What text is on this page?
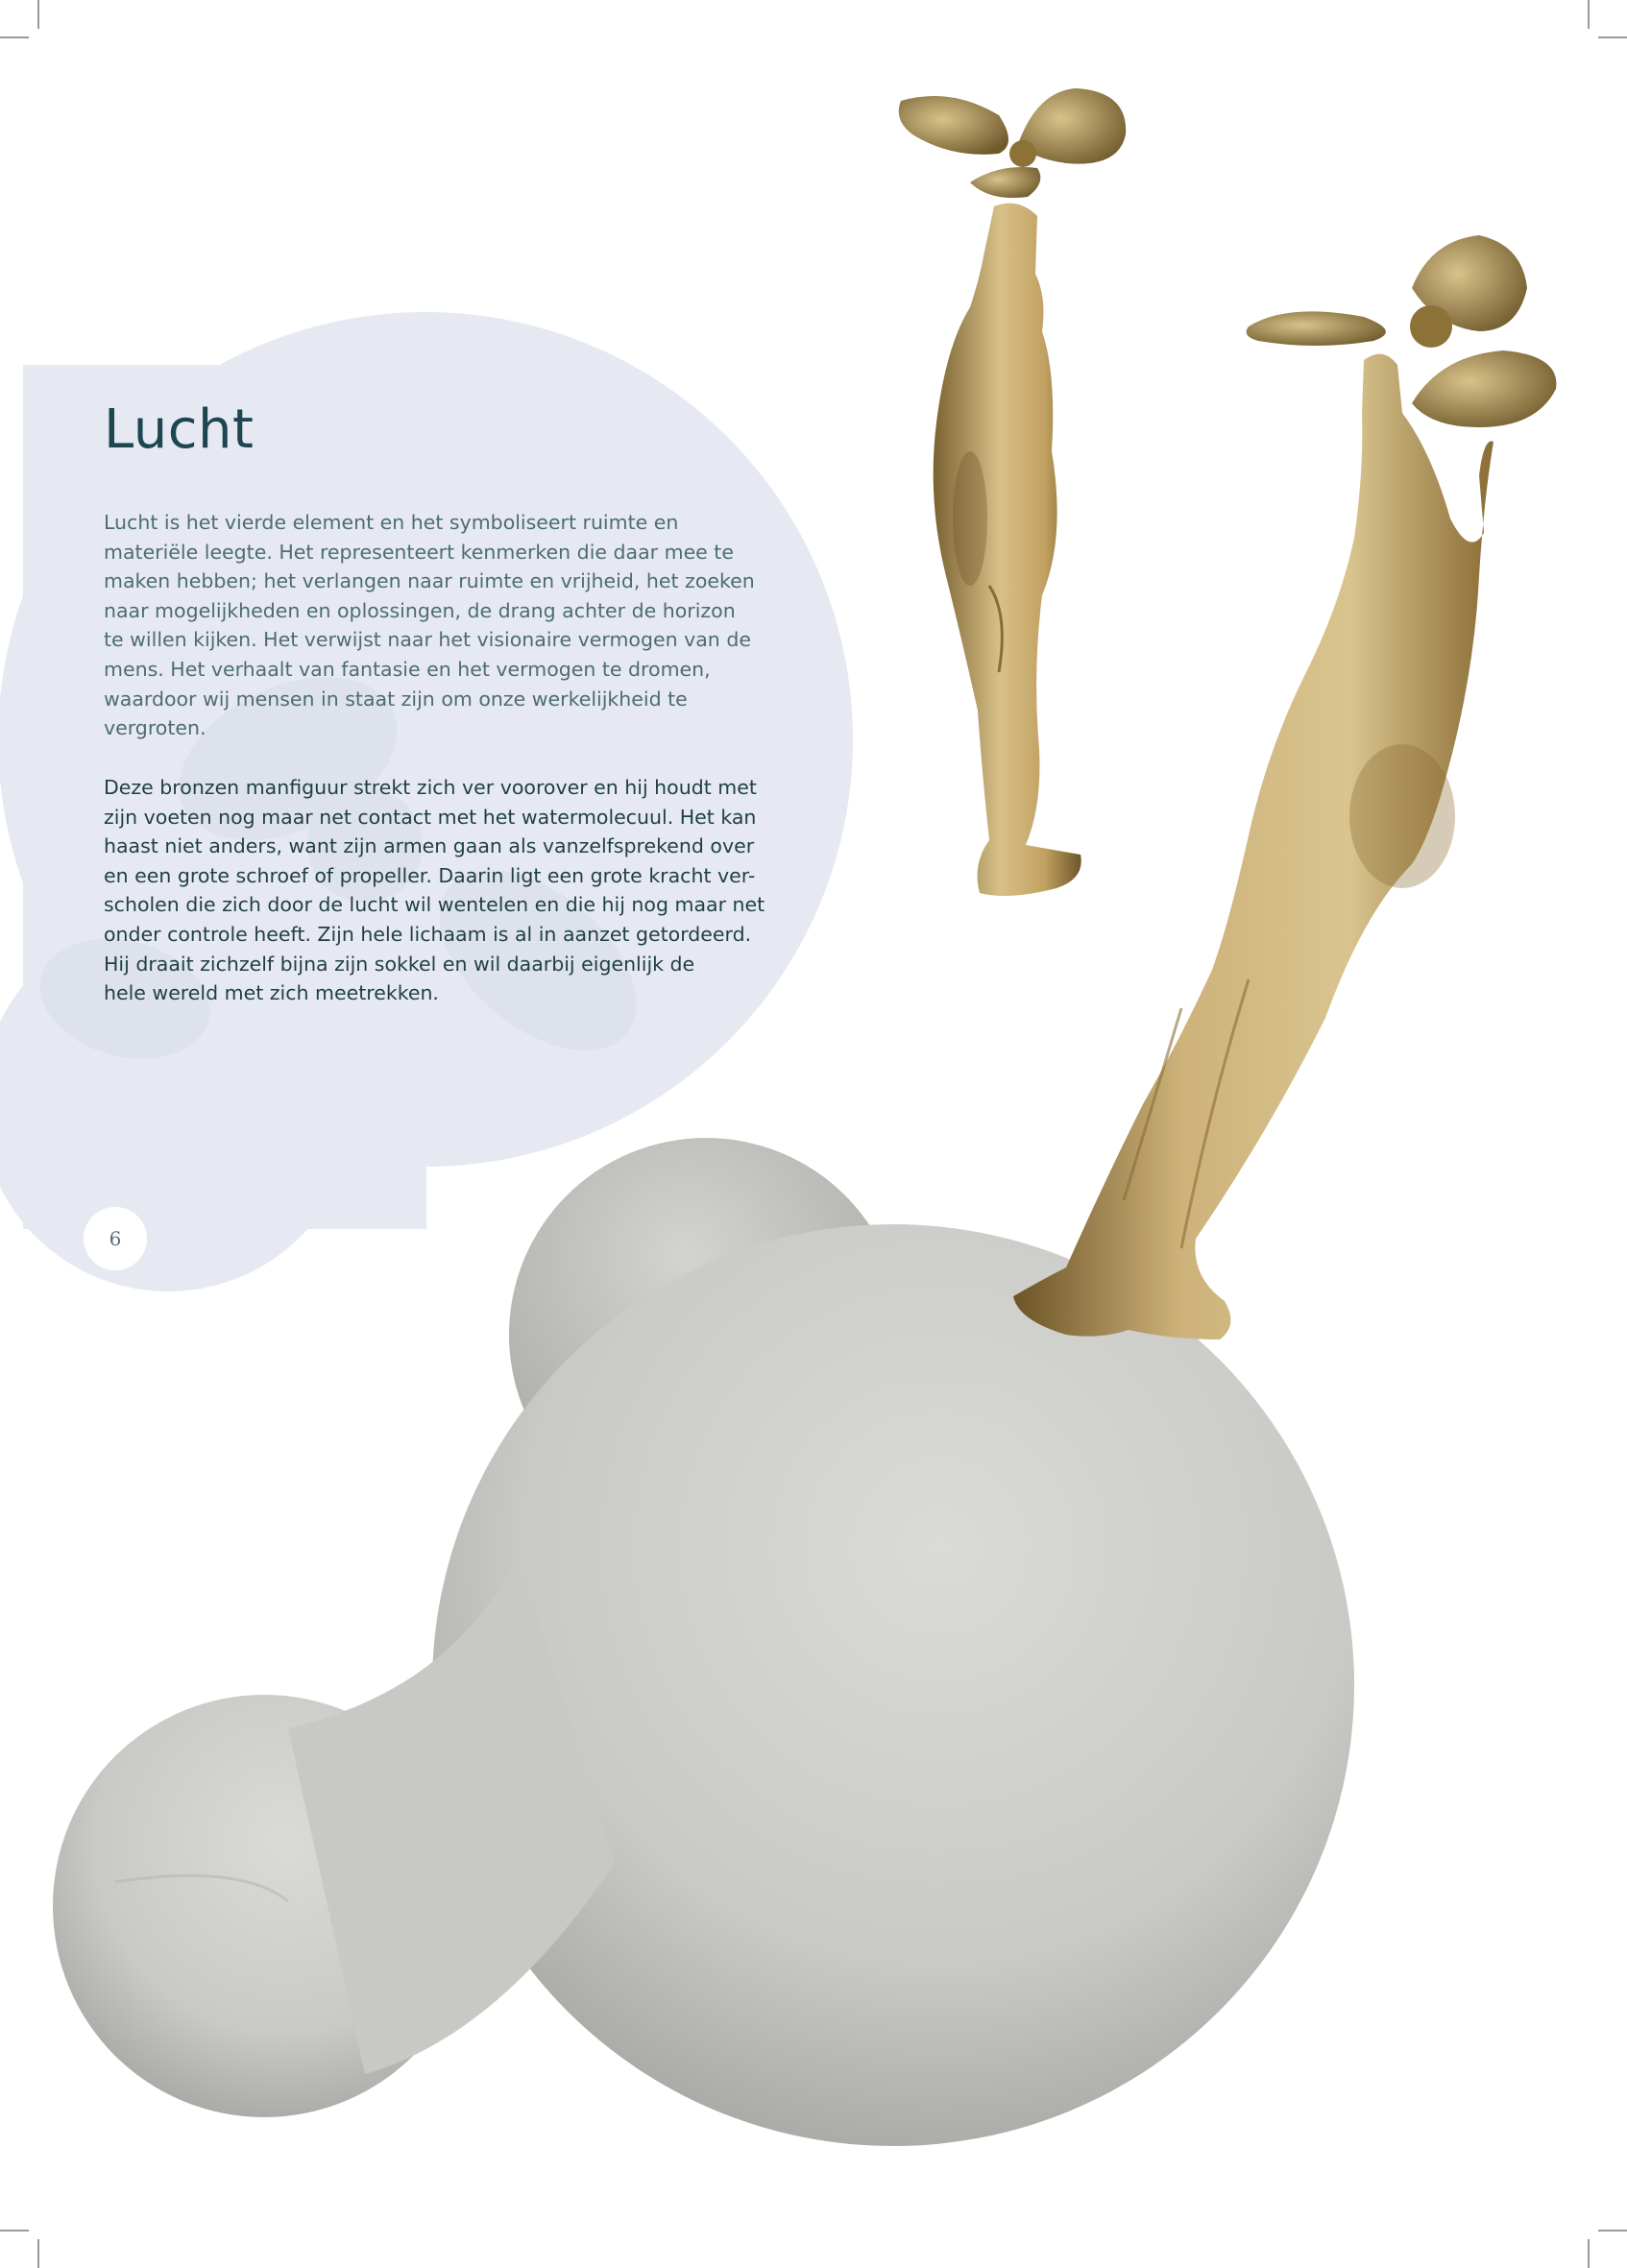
Lucht

Lucht is het vierde element en het symboliseert ruimte en
materiële leegte. Het representeert kenmerken die daar mee te
maken hebben; het verlangen naar ruimte en vrijheid, het zoeken
naar mogelijkheden en oplossingen, de drang achter de horizon
te willen kijken. Het verwijst naar het visionaire vermogen van de
mens. Het verhaalt van fantasie en het vermogen te dromen,
waardoor wij mensen in staat zijn om onze werkelijkheid te
vergroten.

Deze bronzen manfiguur strekt zich ver voorover en hij houdt met
zijn voeten nog maar net contact met het watermolecuul. Het kan
haast niet anders, want zijn armen gaan als vanzelfsprekend over
en een grote schroef of propeller. Daarin ligt een grote kracht ver-
scholen die zich door de lucht wil wentelen en die hij nog maar net
onder controle heeft. Zijn hele lichaam is al in aanzet getordeerd.
Hij draait zichzelf bijna zijn sokkel en wil daarbij eigenlijk de
hele wereld met zich meetrekken.

6
